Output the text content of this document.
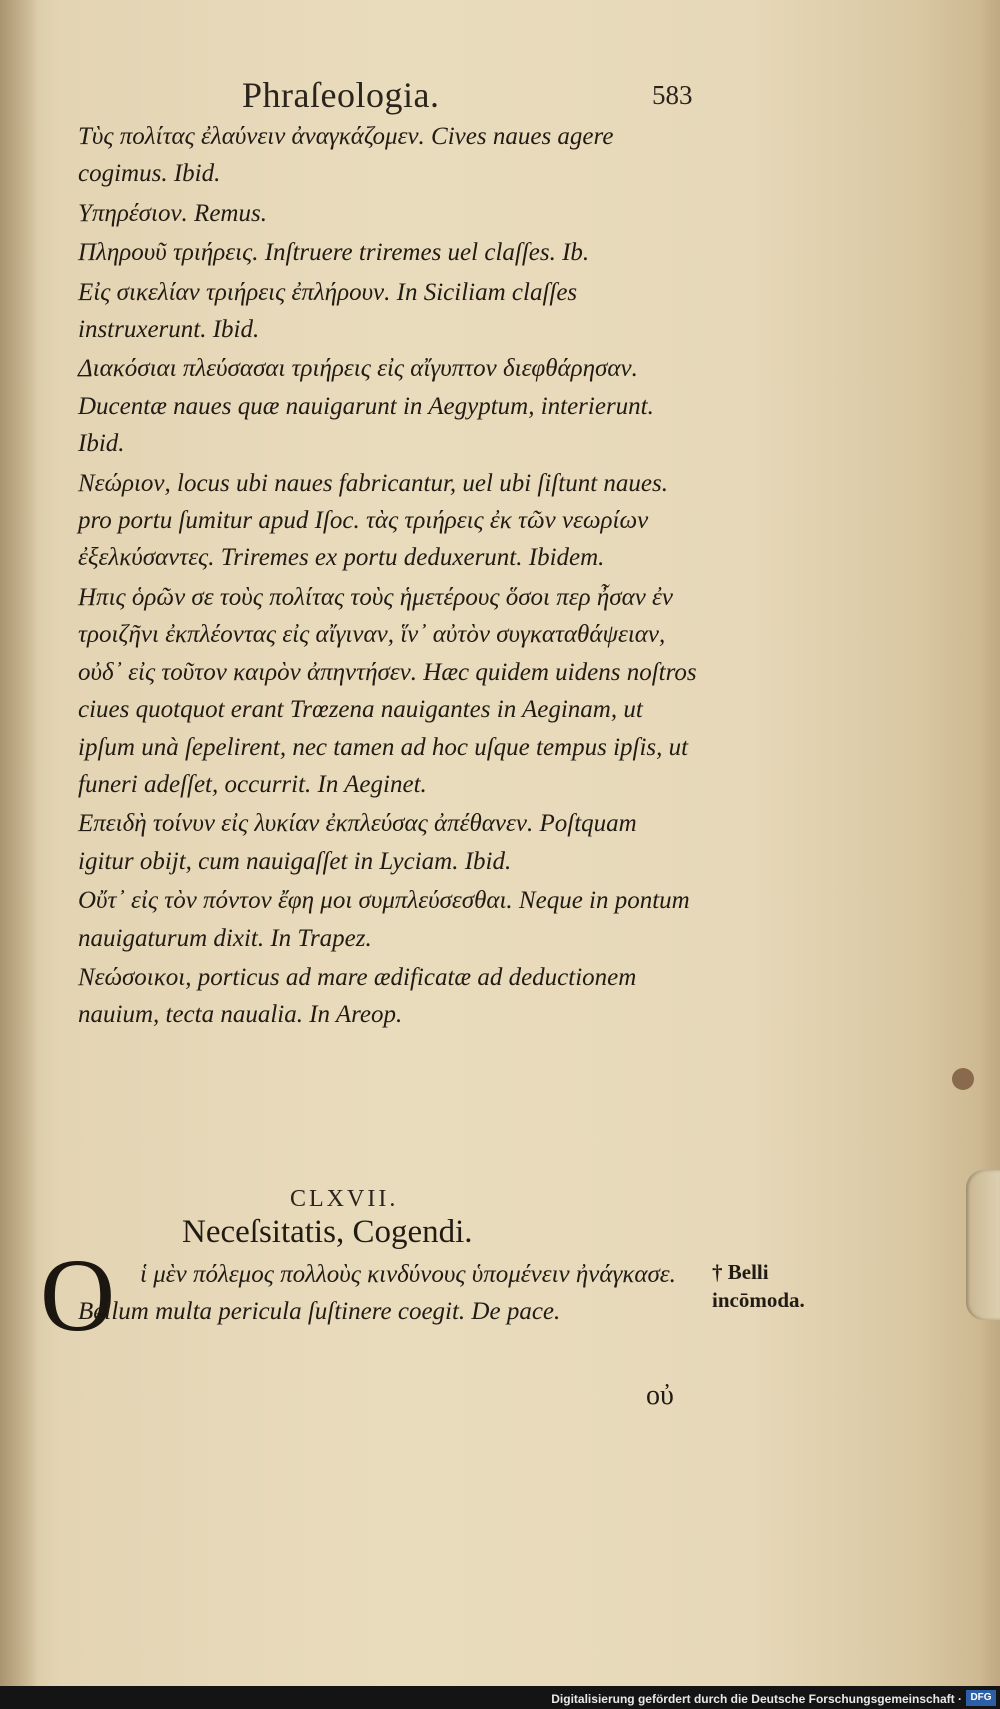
Phraſeologia.	583

Τὺς πολίτας ἐλαύνειν ἀναγκάζομεν. Cives naues agere cogimus. Ibid.

Υπηρέσιον. Remus.

Πληρουῦ τριήρεις. Inſtruere triremes uel claſſes. Ib.

Εἰς σικελίαν τριήρεις ἐπλήρουν. In Siciliam claſſes instruxerunt. Ibid.

Διακόσιαι πλεύσασαι τριήρεις εἰς αἴγυπτον διεφθάρησαν. Ducentæ naues quæ nauigarunt in Aegyptum, interierunt. Ibid.

Νεώριον, locus ubi naues fabricantur, uel ubi ſiſtunt naues. pro portu ſumitur apud Iſoc. τὰς τριήρεις ἐκ τῶν νεωρίων ἐξελκύσαντες. Triremes ex portu deduxerunt. Ibidem.

Ηπις ὁρῶν σε τοὺς πολίτας τοὺς ἡμετέρους ὅσοι περ ἦσαν ἐν τροιζῆνι ἐκπλέοντας εἰς αἴγιναν, ἵν᾽ αὐτὸν συγκαταθάψειαν, οὐδ᾽ εἰς τοῦτον καιρὸν ἀπηντήσεν. Hæc quidem uidens noſtros ciues quotquot erant Trœzena nauigantes in Aeginam, ut ipſum unà ſepelirent, nec tamen ad hoc uſque tempus ipſis, ut funeri adeſſet, occurrit. In Aeginet.

Επειδὴ τοίνυν εἰς λυκίαν ἐκπλεύσας ἀπέθανεν. Poſtquam igitur obijt, cum nauigaſſet in Lyciam. Ibid.

Οὔτ᾽ εἰς τὸν πόντον ἔφη μοι συμπλεύσεσθαι. Neque in pontum nauigaturum dixit. In Trapez.

Νεώσοικοι, porticus ad mare ædificatæ ad deductionem nauium, tecta naualia. In Areop.

CLXVII.
Neceſsitatis, Cogendi.
O ἱ μὲν πόλεμος πολλοὺς κινδύνους ὑπομένειν ἠνάγκασε. Bellum multa pericula ſuſtinere coegit. De pace.
† Belli incōmoda.
οὐ
Digitalisierung gefördert durch die Deutsche Forschungsgemeinschaft · DFG
